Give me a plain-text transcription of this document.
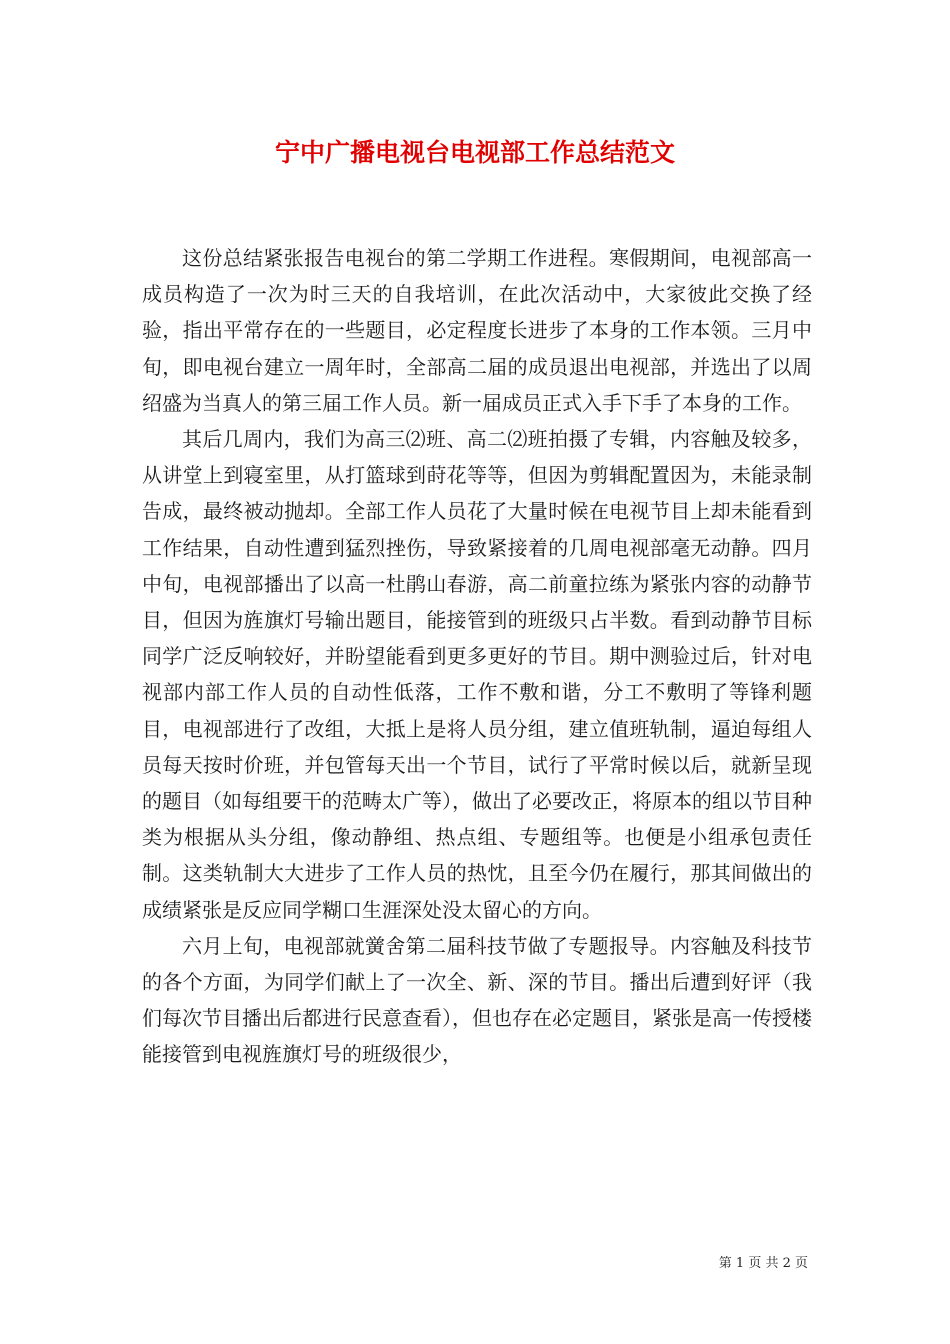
宁中广播电视台电视部工作总结范文

这份总结紧张报告电视台的第二学期工作进程。寒假期间，电视部高一成员构造了一次为时三天的自我培训，在此次活动中，大家彼此交换了经验，指出平常存在的一些题目，必定程度长进步了本身的工作本领。三月中旬，即电视台建立一周年时，全部高二届的成员退出电视部，并选出了以周绍盛为当真人的第三届工作人员。新一届成员正式入手下手了本身的工作。

其后几周内，我们为高三⑵班、高二⑵班拍摄了专辑，内容触及较多，从讲堂上到寝室里，从打篮球到莳花等等，但因为剪辑配置因为，未能录制告成，最终被动抛却。全部工作人员花了大量时候在电视节目上却未能看到工作结果，自动性遭到猛烈挫伤，导致紧接着的几周电视部毫无动静。四月中旬，电视部播出了以高一杜鹃山春游，高二前童拉练为紧张内容的动静节目，但因为旌旗灯号输出题目，能接管到的班级只占半数。看到动静节目标同学广泛反响较好，并盼望能看到更多更好的节目。期中测验过后，针对电视部内部工作人员的自动性低落，工作不敷和谐，分工不敷明了等锋利题目，电视部进行了改组，大抵上是将人员分组，建立值班轨制，逼迫每组人员每天按时价班，并包管每天出一个节目，试行了平常时候以后，就新呈现的题目（如每组要干的范畴太广等），做出了必要改正，将原本的组以节目种类为根据从头分组，像动静组、热点组、专题组等。也便是小组承包责任制。这类轨制大大进步了工作人员的热忱，且至今仍在履行，那其间做出的成绩紧张是反应同学糊口生涯深处没太留心的方向。

六月上旬，电视部就黉舍第二届科技节做了专题报导。内容触及科技节的各个方面，为同学们献上了一次全、新、深的节目。播出后遭到好评（我们每次节目播出后都进行民意查看），但也存在必定题目，紧张是高一传授楼能接管到电视旌旗灯号的班级很少，

第 1 页 共 2 页
